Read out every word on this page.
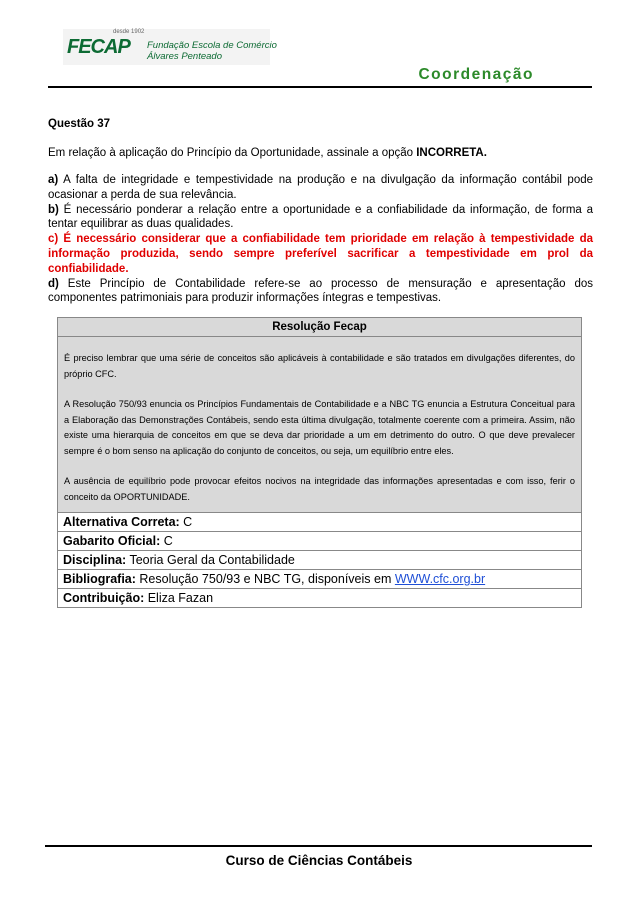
desde 1902
FECAP Fundação Escola de Comércio
Álvares Penteado
Coordenação
Questão 37
Em relação à aplicação do Princípio da Oportunidade, assinale a opção INCORRETA.

a) A falta de integridade e tempestividade na produção e na divulgação da informação contábil pode ocasionar a perda de sua relevância.

b) É necessário ponderar a relação entre a oportunidade e a confiabilidade da informação, de forma a tentar equilibrar as duas qualidades.

c) É necessário considerar que a confiabilidade tem prioridade em relação à tempestividade da informação produzida, sendo sempre preferível sacrificar a tempestividade em prol da confiabilidade.

d) Este Princípio de Contabilidade refere-se ao processo de mensuração e apresentação dos componentes patrimoniais para produzir informações íntegras e tempestivas.

Resolução Fecap

É preciso lembrar que uma série de conceitos são aplicáveis à contabilidade e são tratados em divulgações diferentes, do próprio CFC.

A Resolução 750/93 enuncia os Princípios Fundamentais de Contabilidade e a NBC TG enuncia a Estrutura Conceitual para a Elaboração das Demonstrações Contábeis, sendo esta última divulgação, totalmente coerente com a primeira. Assim, não existe uma hierarquia de conceitos em que se deva dar prioridade a um em detrimento do outro. O que deve prevalecer sempre é o bom senso na aplicação do conjunto de conceitos, ou seja, um equilíbrio entre eles.

A ausência de equilíbrio pode provocar efeitos nocivos na integridade das informações apresentadas e com isso, ferir o conceito da OPORTUNIDADE.

Alternativa Correta: C
Gabarito Oficial: C
Disciplina: Teoria Geral da Contabilidade
Bibliografia: Resolução 750/93 e NBC TG, disponíveis em WWW.cfc.org.br
Contribuição: Eliza Fazan
Curso de Ciências Contábeis
